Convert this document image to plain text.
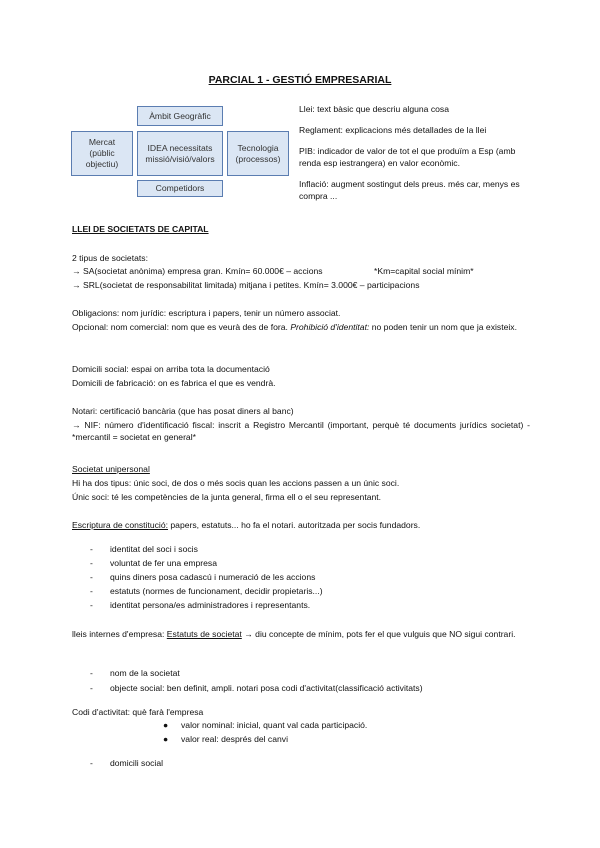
PARCIAL 1 - GESTIÓ EMPRESARIAL
Àmbit Geogràfic
Mercat (públic objectiu)
IDEA necessitats missió/visió/valors
Tecnologia (processos)
Competidors

Llei: text bàsic que descriu alguna cosa

Reglament: explicacions més detallades de la llei

PIB: indicador de valor de tot el que produïm a Esp (amb renda esp iestrangera) en valor econòmic.

Inflació: augment sostingut dels preus. més car, menys es compra ...

LLEI DE SOCIETATS DE CAPITAL
2 tipus de societats:
→ SA(societat anònima) empresa gran. Kmín= 60.000€ – accions	*Km=capital social mínim*
→ SRL(societat de responsabilitat limitada) mitjana i petites. Kmín= 3.000€ – participacions
Obligacions: nom jurídic: escriptura i papers, tenir un número associat.
Opcional: nom comercial: nom que es veurà des de fora. Prohibició d'identitat: no poden tenir un nom que ja existeix.
Domicili social: espai on arriba tota la documentació
Domicili de fabricació: on es fabrica el que es vendrà.
Notari: certificació bancària (que has posat diners al banc)
→ NIF: número d'identificació fiscal: inscrit a Registro Mercantil (important, perquè té documents jurídics societat) - *mercantil = societat en general*
Societat unipersonal
Hi ha dos tipus: únic soci, de dos o més socis quan les accions passen a un únic soci.
Únic soci: té les competències de la junta general, firma ell o el seu representant.
Escriptura de constitució: papers, estatuts... ho fa el notari. autoritzada per socis fundadors.
- identitat del soci i socis
- voluntat de fer una empresa
- quins diners posa cadascú i numeració de les accions
- estatuts (normes de funcionament, decidir propietaris...)
- identitat persona/es administradores i representants.
lleis internes d'empresa: Estatuts de societat → diu concepte de mínim, pots fer el que vulguis que NO sigui contrari.
- nom de la societat
- objecte social: ben definit, ampli. notari posa codi d'activitat(classificació activitats)
Codi d'activitat: què farà l'empresa
● valor nominal: inicial, quant val cada participació.
● valor real: després del canvi
- domicili social
